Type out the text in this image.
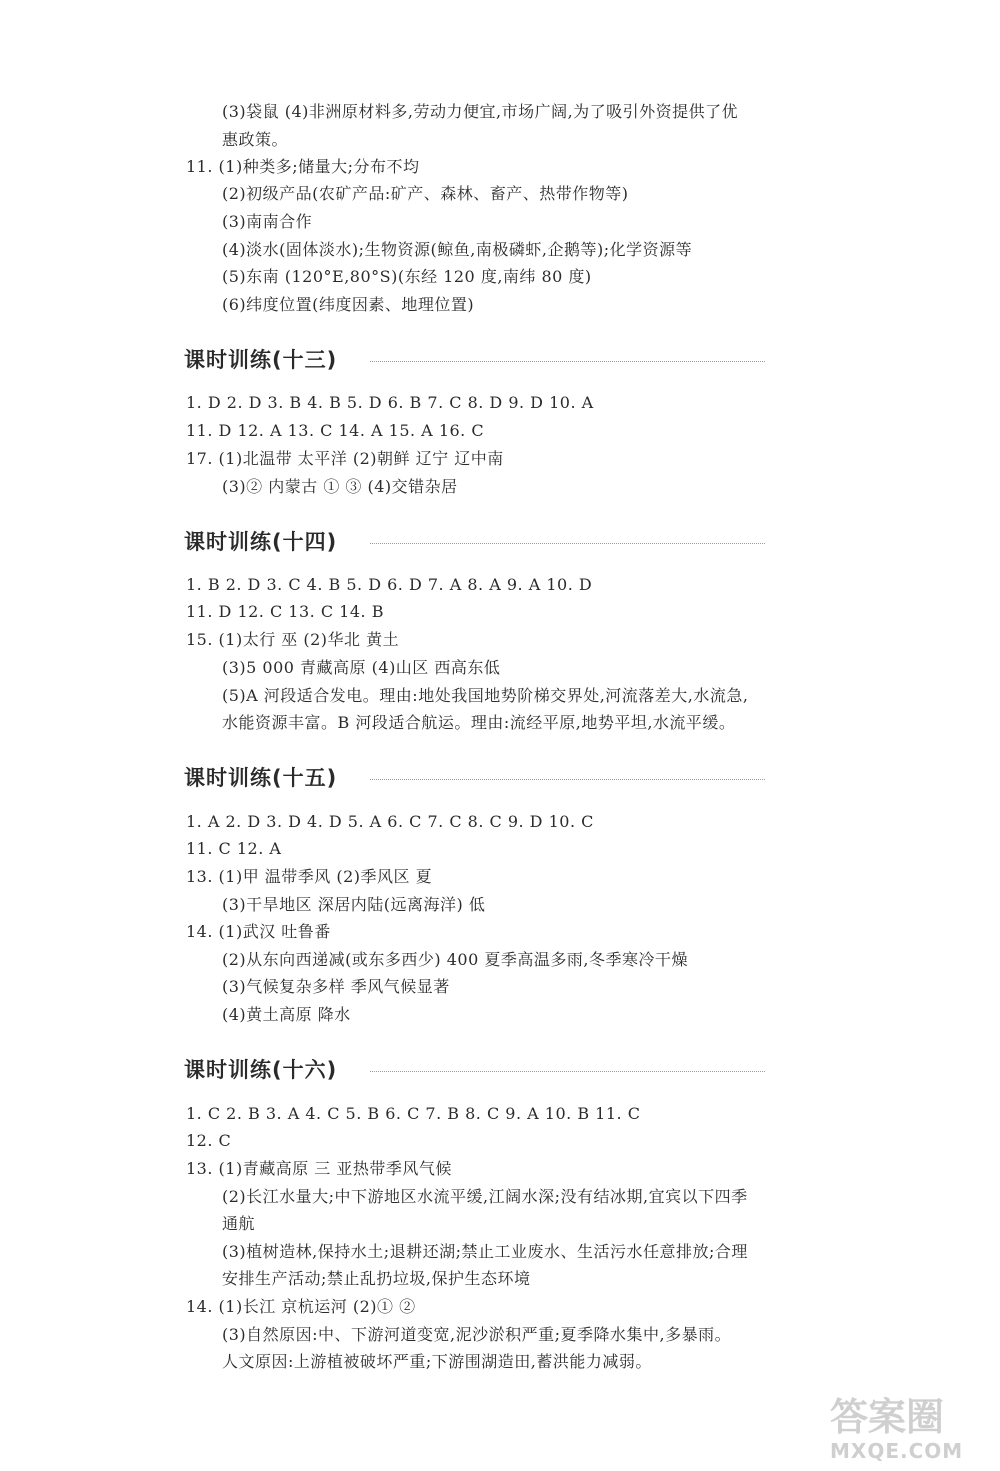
(3)袋鼠 (4)非洲原材料多,劳动力便宜,市场广阔,为了吸引外资提供了优
惠政策。
11. (1)种类多;储量大;分布不均
(2)初级产品(农矿产品:矿产、森林、畜产、热带作物等)
(3)南南合作
(4)淡水(固体淡水);生物资源(鲸鱼,南极磷虾,企鹅等);化学资源等
(5)东南 (120°E,80°S)(东经 120 度,南纬 80 度)
(6)纬度位置(纬度因素、地理位置)
课时训练(十三)
1. D 2. D 3. B 4. B 5. D 6. B 7. C 8. D 9. D 10. A
11. D 12. A 13. C 14. A 15. A 16. C
17. (1)北温带 太平洋 (2)朝鲜 辽宁 辽中南
(3)② 内蒙古 ① ③ (4)交错杂居
课时训练(十四)
1. B 2. D 3. C 4. B 5. D 6. D 7. A 8. A 9. A 10. D
11. D 12. C 13. C 14. B
15. (1)太行 巫 (2)华北 黄土
(3)5 000 青藏高原 (4)山区 西高东低
(5)A 河段适合发电。理由:地处我国地势阶梯交界处,河流落差大,水流急,
水能资源丰富。B 河段适合航运。理由:流经平原,地势平坦,水流平缓。
课时训练(十五)
1. A 2. D 3. D 4. D 5. A 6. C 7. C 8. C 9. D 10. C
11. C 12. A
13. (1)甲 温带季风 (2)季风区 夏
(3)干旱地区 深居内陆(远离海洋) 低
14. (1)武汉 吐鲁番
(2)从东向西递减(或东多西少) 400 夏季高温多雨,冬季寒冷干燥
(3)气候复杂多样 季风气候显著
(4)黄土高原 降水
课时训练(十六)
1. C 2. B 3. A 4. C 5. B 6. C 7. B 8. C 9. A 10. B 11. C
12. C
13. (1)青藏高原 三 亚热带季风气候
(2)长江水量大;中下游地区水流平缓,江阔水深;没有结冰期,宜宾以下四季
通航
(3)植树造林,保持水土;退耕还湖;禁止工业废水、生活污水任意排放;合理
安排生产活动;禁止乱扔垃圾,保护生态环境
14. (1)长江 京杭运河 (2)① ②
(3)自然原因:中、下游河道变宽,泥沙淤积严重;夏季降水集中,多暴雨。
人文原因:上游植被破坏严重;下游围湖造田,蓄洪能力减弱。
答案圈
MXQE.COM
